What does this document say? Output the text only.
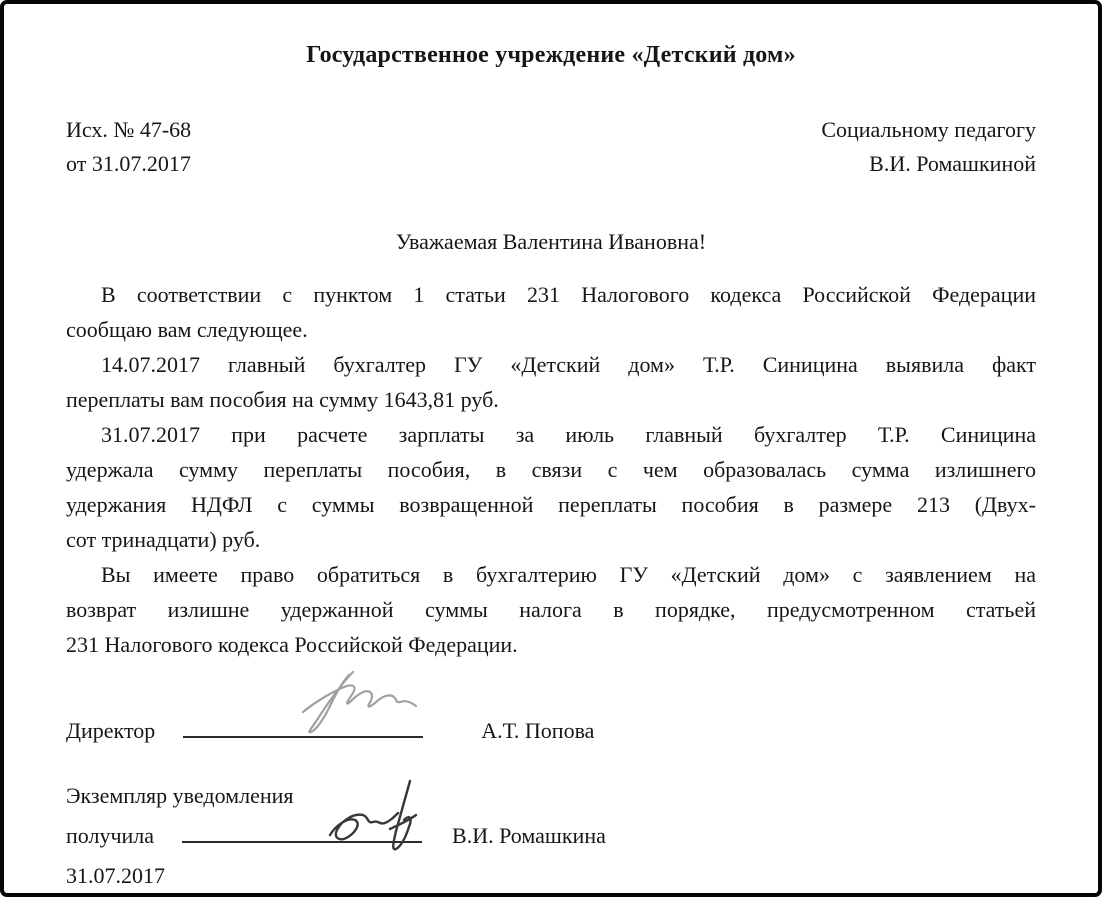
Государственное учреждение «Детский дом»
Исх. № 47-68
от 31.07.2017
Социальному педагогу
В.И. Ромашкиной
Уважаемая Валентина Ивановна!
В соответствии с пунктом 1 статьи 231 Налогового кодекса Российской Федерации
сообщаю вам следующее.
14.07.2017 главный бухгалтер ГУ «Детский дом» Т.Р. Синицина выявила факт
переплаты вам пособия на сумму 1643,81 руб.
31.07.2017 при расчете зарплаты за июль главный бухгалтер Т.Р. Синицина
удержала сумму переплаты пособия, в связи с чем образовалась сумма излишнего
удержания НДФЛ с суммы возвращенной переплаты пособия в размере 213 (Двух-
сот тринадцати) руб.
Вы имеете право обратиться в бухгалтерию ГУ «Детский дом» с заявлением на
возврат излишне удержанной суммы налога в порядке, предусмотренном статьей
231 Налогового кодекса Российской Федерации.
Директор	А.Т. Попова
Экземпляр уведомления
получила	В.И. Ромашкина
31.07.2017
